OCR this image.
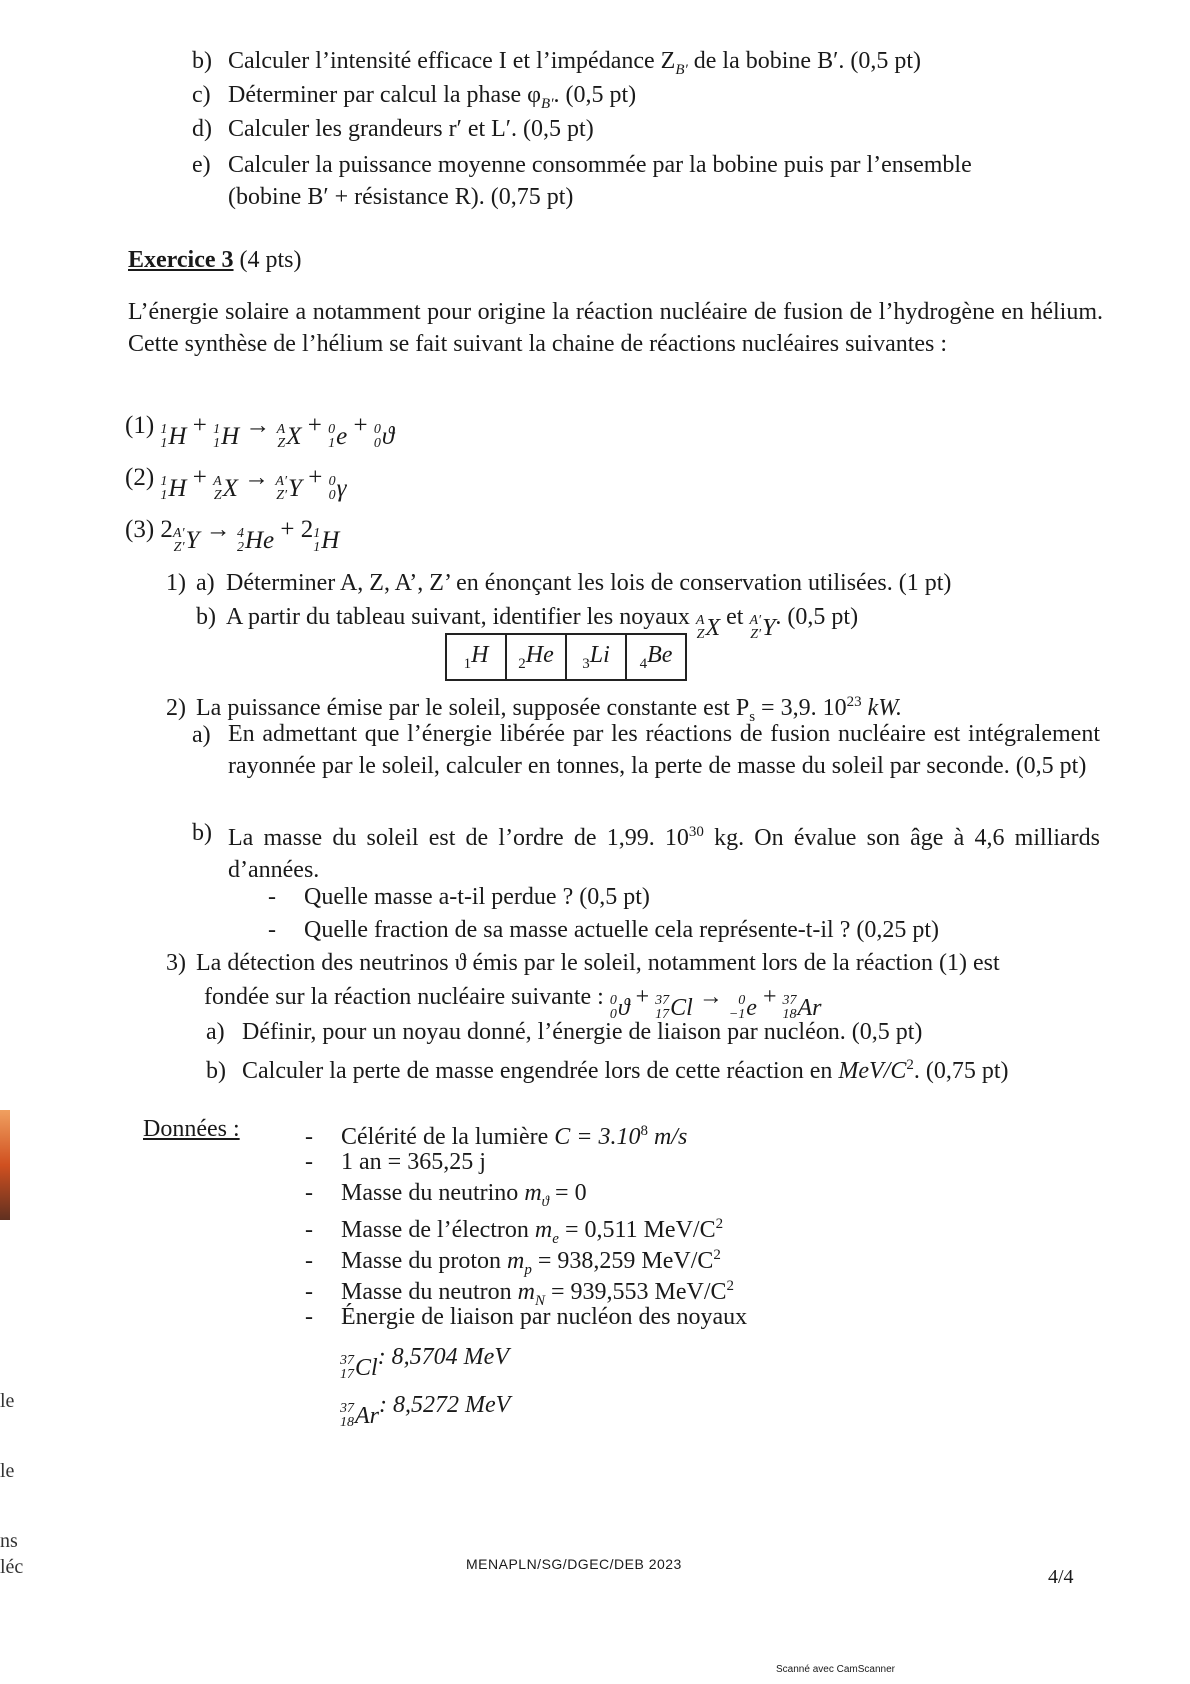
b) Calculer l’intensité efficace I et l’impédance $Z_{B'}$ de la bobine B′. (0,5 pt)
c) Déterminer par calcul la phase $\varphi_{B'}$. (0,5 pt)
d) Calculer les grandeurs r′ et L′. (0,5 pt)
e) Calculer la puissance moyenne consommée par la bobine puis par l’ensemble
(bobine B′ + résistance R). (0,75 pt)
Exercice 3 (4 pts)
L’énergie solaire a notamment pour origine la réaction nucléaire de fusion de l’hydrogène en hélium. Cette synthèse de l’hélium se fait suivant la chaine de réactions nucléaires suivantes :
(1) 1
1 H + 1
1 H → A
Z X + 0
1 e + 0
0 ϑ
(2) 1
1 H + A
Z X → A′
Z′ Y + 0
0 γ
(3) 2 A′
Z′ Y → 4
2 He + 2 1
1 H
1) a) Déterminer A, Z, A’, Z’ en énonçant les lois de conservation utilisées. (1 pt)
b) A partir du tableau suivant, identifier les noyaux A
Z X et A′
Z′ Y. (0,5 pt)
$_1$H	$_2$He	$_3$Li	$_4$Be
2) La puissance émise par le soleil, supposée constante est $P_s = 3,9$. $10^{23}$ kW.
a) En admettant que l’énergie libérée par les réactions de fusion nucléaire est intégralement rayonnée par le soleil, calculer en tonnes, la perte de masse du soleil par seconde. (0,5 pt)
b) La masse du soleil est de l’ordre de 1,99. $10^{30}$ kg. On évalue son âge à 4,6 milliards d’années.
- Quelle masse a-t-il perdue ? (0,5 pt)
- Quelle fraction de sa masse actuelle cela représente-t-il ? (0,25 pt)
3) La détection des neutrinos ϑ émis par le soleil, notamment lors de la réaction (1) est
fondée sur la réaction nucléaire suivante : 0
0 ϑ + 37
17 Cl →	0
−1 e + 37
18 Ar
a) Définir, pour un noyau donné, l’énergie de liaison par nucléon. (0,5 pt)
b) Calculer la perte de masse engendrée lors de cette réaction en MeV/$C^2$. (0,75 pt)
Données :	- Célérité de la lumière $C = 3.10^8$ m/s
- 1 an = 365,25 j
- Masse du neutrino $m_ϑ = 0$
- Masse de l’électron $m_e = 0,511$ MeV/$C^2$
- Masse du proton $m_p = 938,259$ MeV/$C^2$
- Masse du neutron $m_N = 939,553$ MeV/$C^2$
- Énergie de liaison par nucléon des noyaux
37
17 Cl : 8,5704 MeV
37
18 Ar : 8,5272 MeV
MENAPLN/SG/DGEC/DEB 2023
4/4
Scanné avec CamScanner
le
le
ns
léc
